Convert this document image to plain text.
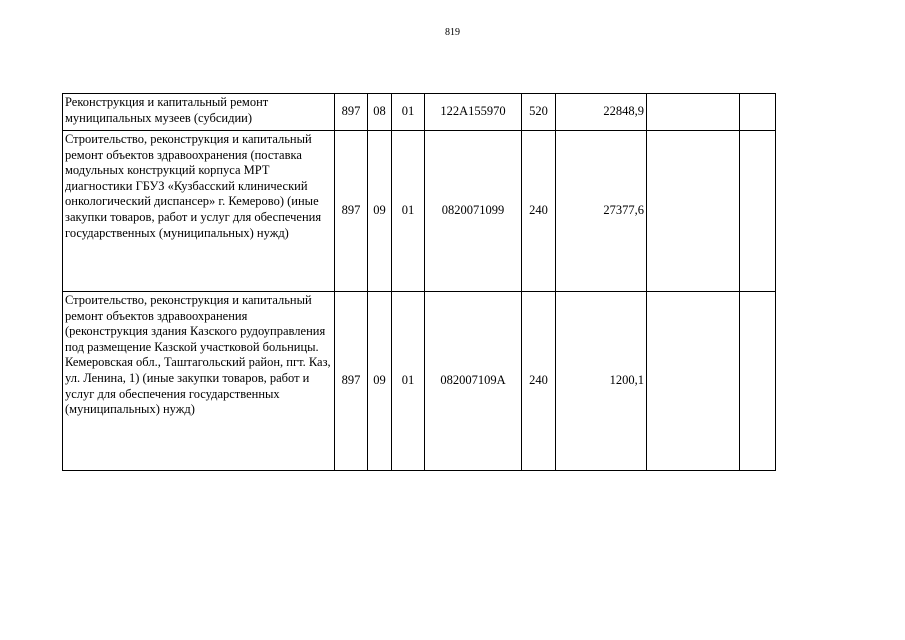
819
Реконструкция и капитальный ремонт муниципальных музеев (субсидии)	897	08	01	122А155970	520	22848,9		
Строительство, реконструкция и капитальный ремонт объектов здравоохранения (поставка модульных конструкций корпуса МРТ диагностики ГБУЗ «Кузбасский клинический онкологический диспансер» г. Кемерово) (иные закупки товаров, работ и услуг для обеспечения государственных (муниципальных) нужд)	897	09	01	0820071099	240	27377,6		
Строительство, реконструкция и капитальный ремонт объектов здравоохранения (реконструкция здания Казского рудоуправления под размещение Казской участковой больницы. Кемеровская обл., Таштагольский район, пгт. Каз, ул. Ленина, 1) (иные закупки товаров, работ и услуг для обеспечения государственных (муниципальных) нужд)	897	09	01	082007109А	240	1200,1		
